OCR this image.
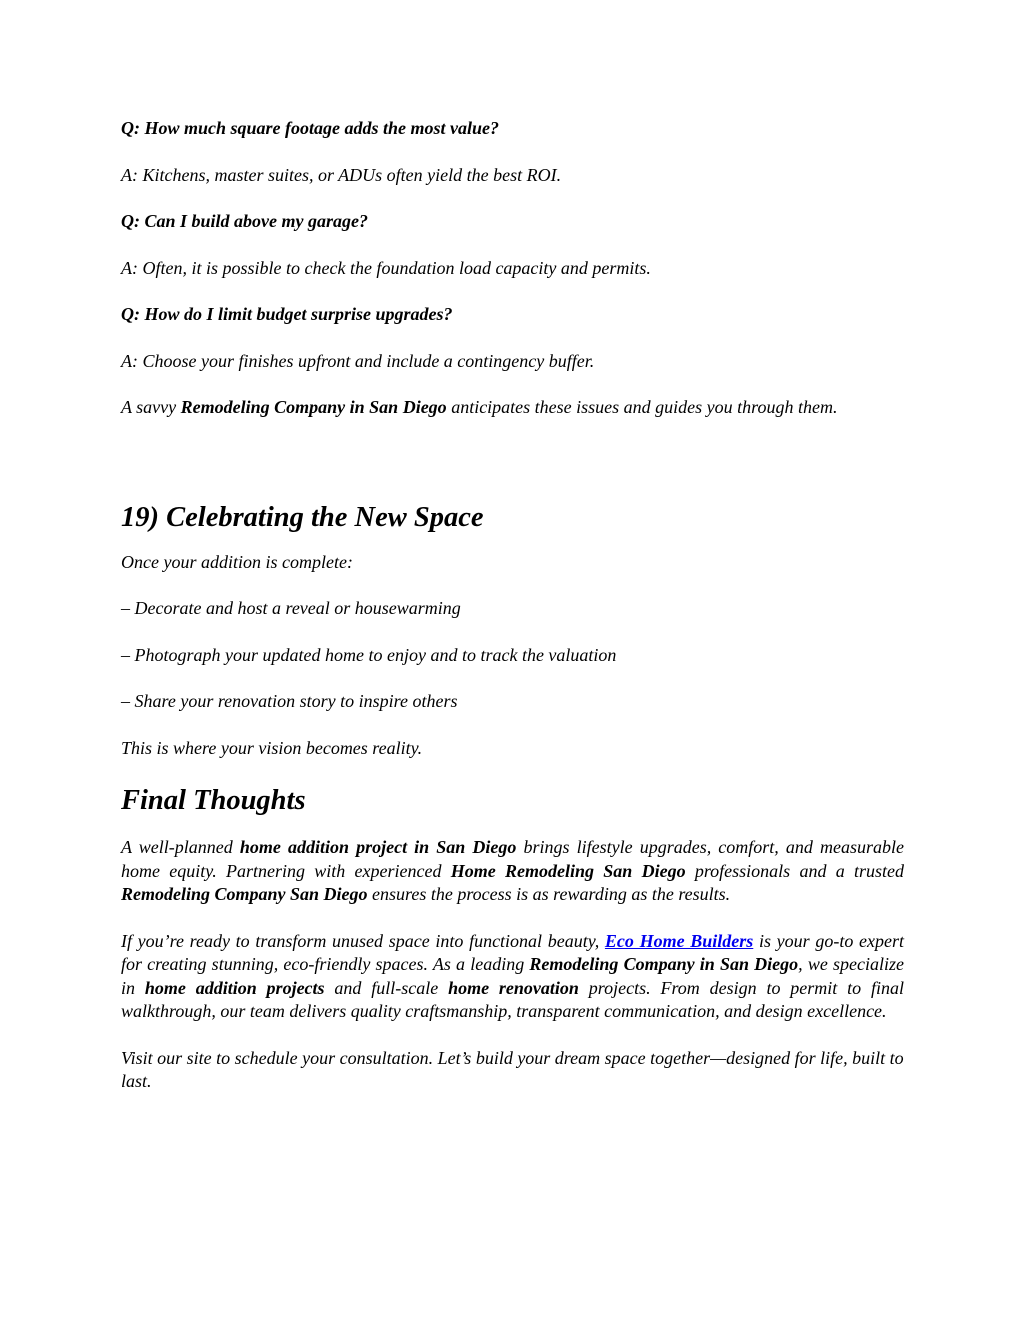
Q: How much square footage adds the most value?

A: Kitchens, master suites, or ADUs often yield the best ROI.

Q: Can I build above my garage?

A: Often, it is possible to check the foundation load capacity and permits.

Q: How do I limit budget surprise upgrades?

A: Choose your finishes upfront and include a contingency buffer.

A savvy Remodeling Company in San Diego anticipates these issues and guides you through them.

19) Celebrating the New Space

Once your addition is complete:

– Decorate and host a reveal or housewarming

– Photograph your updated home to enjoy and to track the valuation

– Share your renovation story to inspire others

This is where your vision becomes reality.

Final Thoughts

A well-planned home addition project in San Diego brings lifestyle upgrades, comfort, and measurable home equity. Partnering with experienced Home Remodeling San Diego professionals and a trusted Remodeling Company San Diego ensures the process is as rewarding as the results.

If you’re ready to transform unused space into functional beauty, Eco Home Builders is your go-to expert for creating stunning, eco-friendly spaces. As a leading Remodeling Company in San Diego, we specialize in home addition projects and full-scale home renovation projects. From design to permit to final walkthrough, our team delivers quality craftsmanship, transparent communication, and design excellence.

Visit our site to schedule your consultation. Let’s build your dream space together—designed for life, built to last.
